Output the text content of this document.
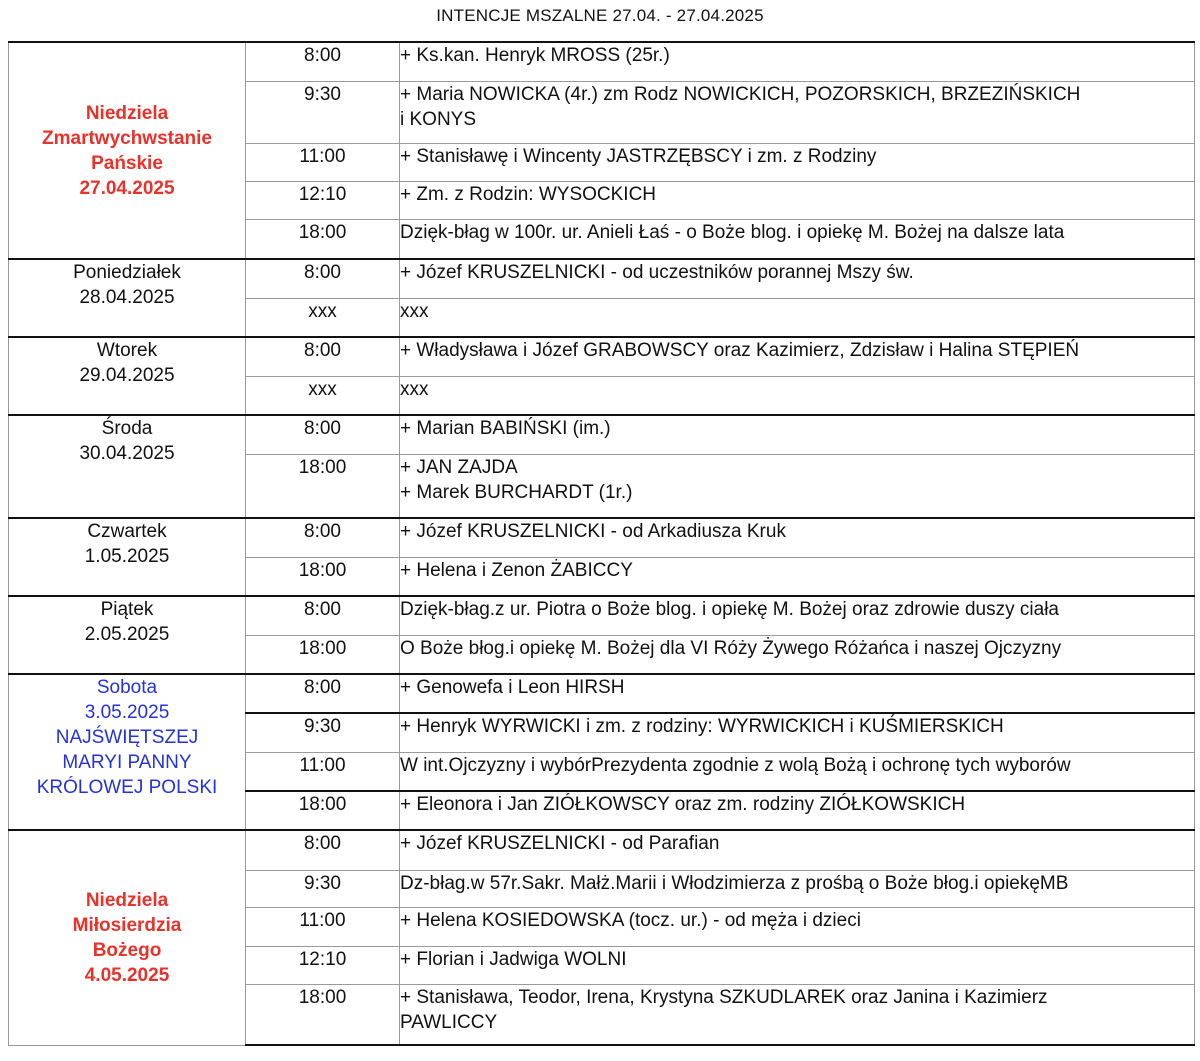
INTENCJE MSZALNE 27.04. - 27.04.2025
Niedziela
Zmartwychwstanie
Pańskie
27.04.2025	8:00	+ Ks.kan. Henryk MROSS (25r.)

	9:30	+ Maria NOWICKA (4r.) zm Rodz NOWICKICH, POZORSKICH, BRZEZIŃSKICH
i KONYS

	11:00	+ Stanisławę i Wincenty JASTRZĘBSCY i zm. z Rodziny

	12:10	+ Zm. z Rodzin: WYSOCKICH

	18:00	Dzięk-błag w 100r. ur. Anieli Łaś - o Boże blog. i opiekę M. Bożej na dalsze lata

Poniedziałek
28.04.2025	8:00	+ Józef KRUSZELNICKI - od uczestników porannej Mszy św.

	xxx	xxx

Wtorek
29.04.2025	8:00	+ Władysława i Józef GRABOWSCY oraz Kazimierz, Zdzisław i Halina STĘPIEŃ

	xxx	xxx

Środa
30.04.2025	8:00	+ Marian BABIŃSKI (im.)

	18:00	+ JAN ZAJDA
+ Marek BURCHARDT (1r.)

Czwartek
1.05.2025	8:00	+ Józef KRUSZELNICKI - od Arkadiusza Kruk

	18:00	+ Helena i Zenon ŻABICCY

Piątek
2.05.2025	8:00	Dzięk-błag.z ur. Piotra o Boże blog. i opiekę M. Bożej oraz zdrowie duszy ciała

	18:00	O Boże błog.i opiekę M. Bożej dla VI Róży Żywego Różańca i naszej Ojczyzny

Sobota
3.05.2025
NAJŚWIĘTSZEJ
MARYI PANNY
KRÓLOWEJ POLSKI	8:00	+ Genowefa i Leon HIRSH

	9:30	+ Henryk WYRWICKI i zm. z rodziny: WYRWICKICH i KUŚMIERSKICH

	11:00	W int.Ojczyzny i wybórPrezydenta zgodnie z wolą Bożą i ochronę tych wyborów

	18:00	+ Eleonora i Jan ZIÓŁKOWSCY oraz zm. rodziny ZIÓŁKOWSKICH

Niedziela
Miłosierdzia
Bożego
4.05.2025	8:00	+ Józef KRUSZELNICKI - od Parafian

	9:30	Dz-błag.w 57r.Sakr. Małż.Marii i Włodzimierza z prośbą o Boże błog.i opiekęMB

	11:00	+ Helena KOSIEDOWSKA (tocz. ur.) - od męża i dzieci

	12:10	+ Florian i Jadwiga WOLNI

	18:00	+ Stanisława, Teodor, Irena, Krystyna SZKUDLAREK oraz Janina i Kazimierz
PAWLICCY
